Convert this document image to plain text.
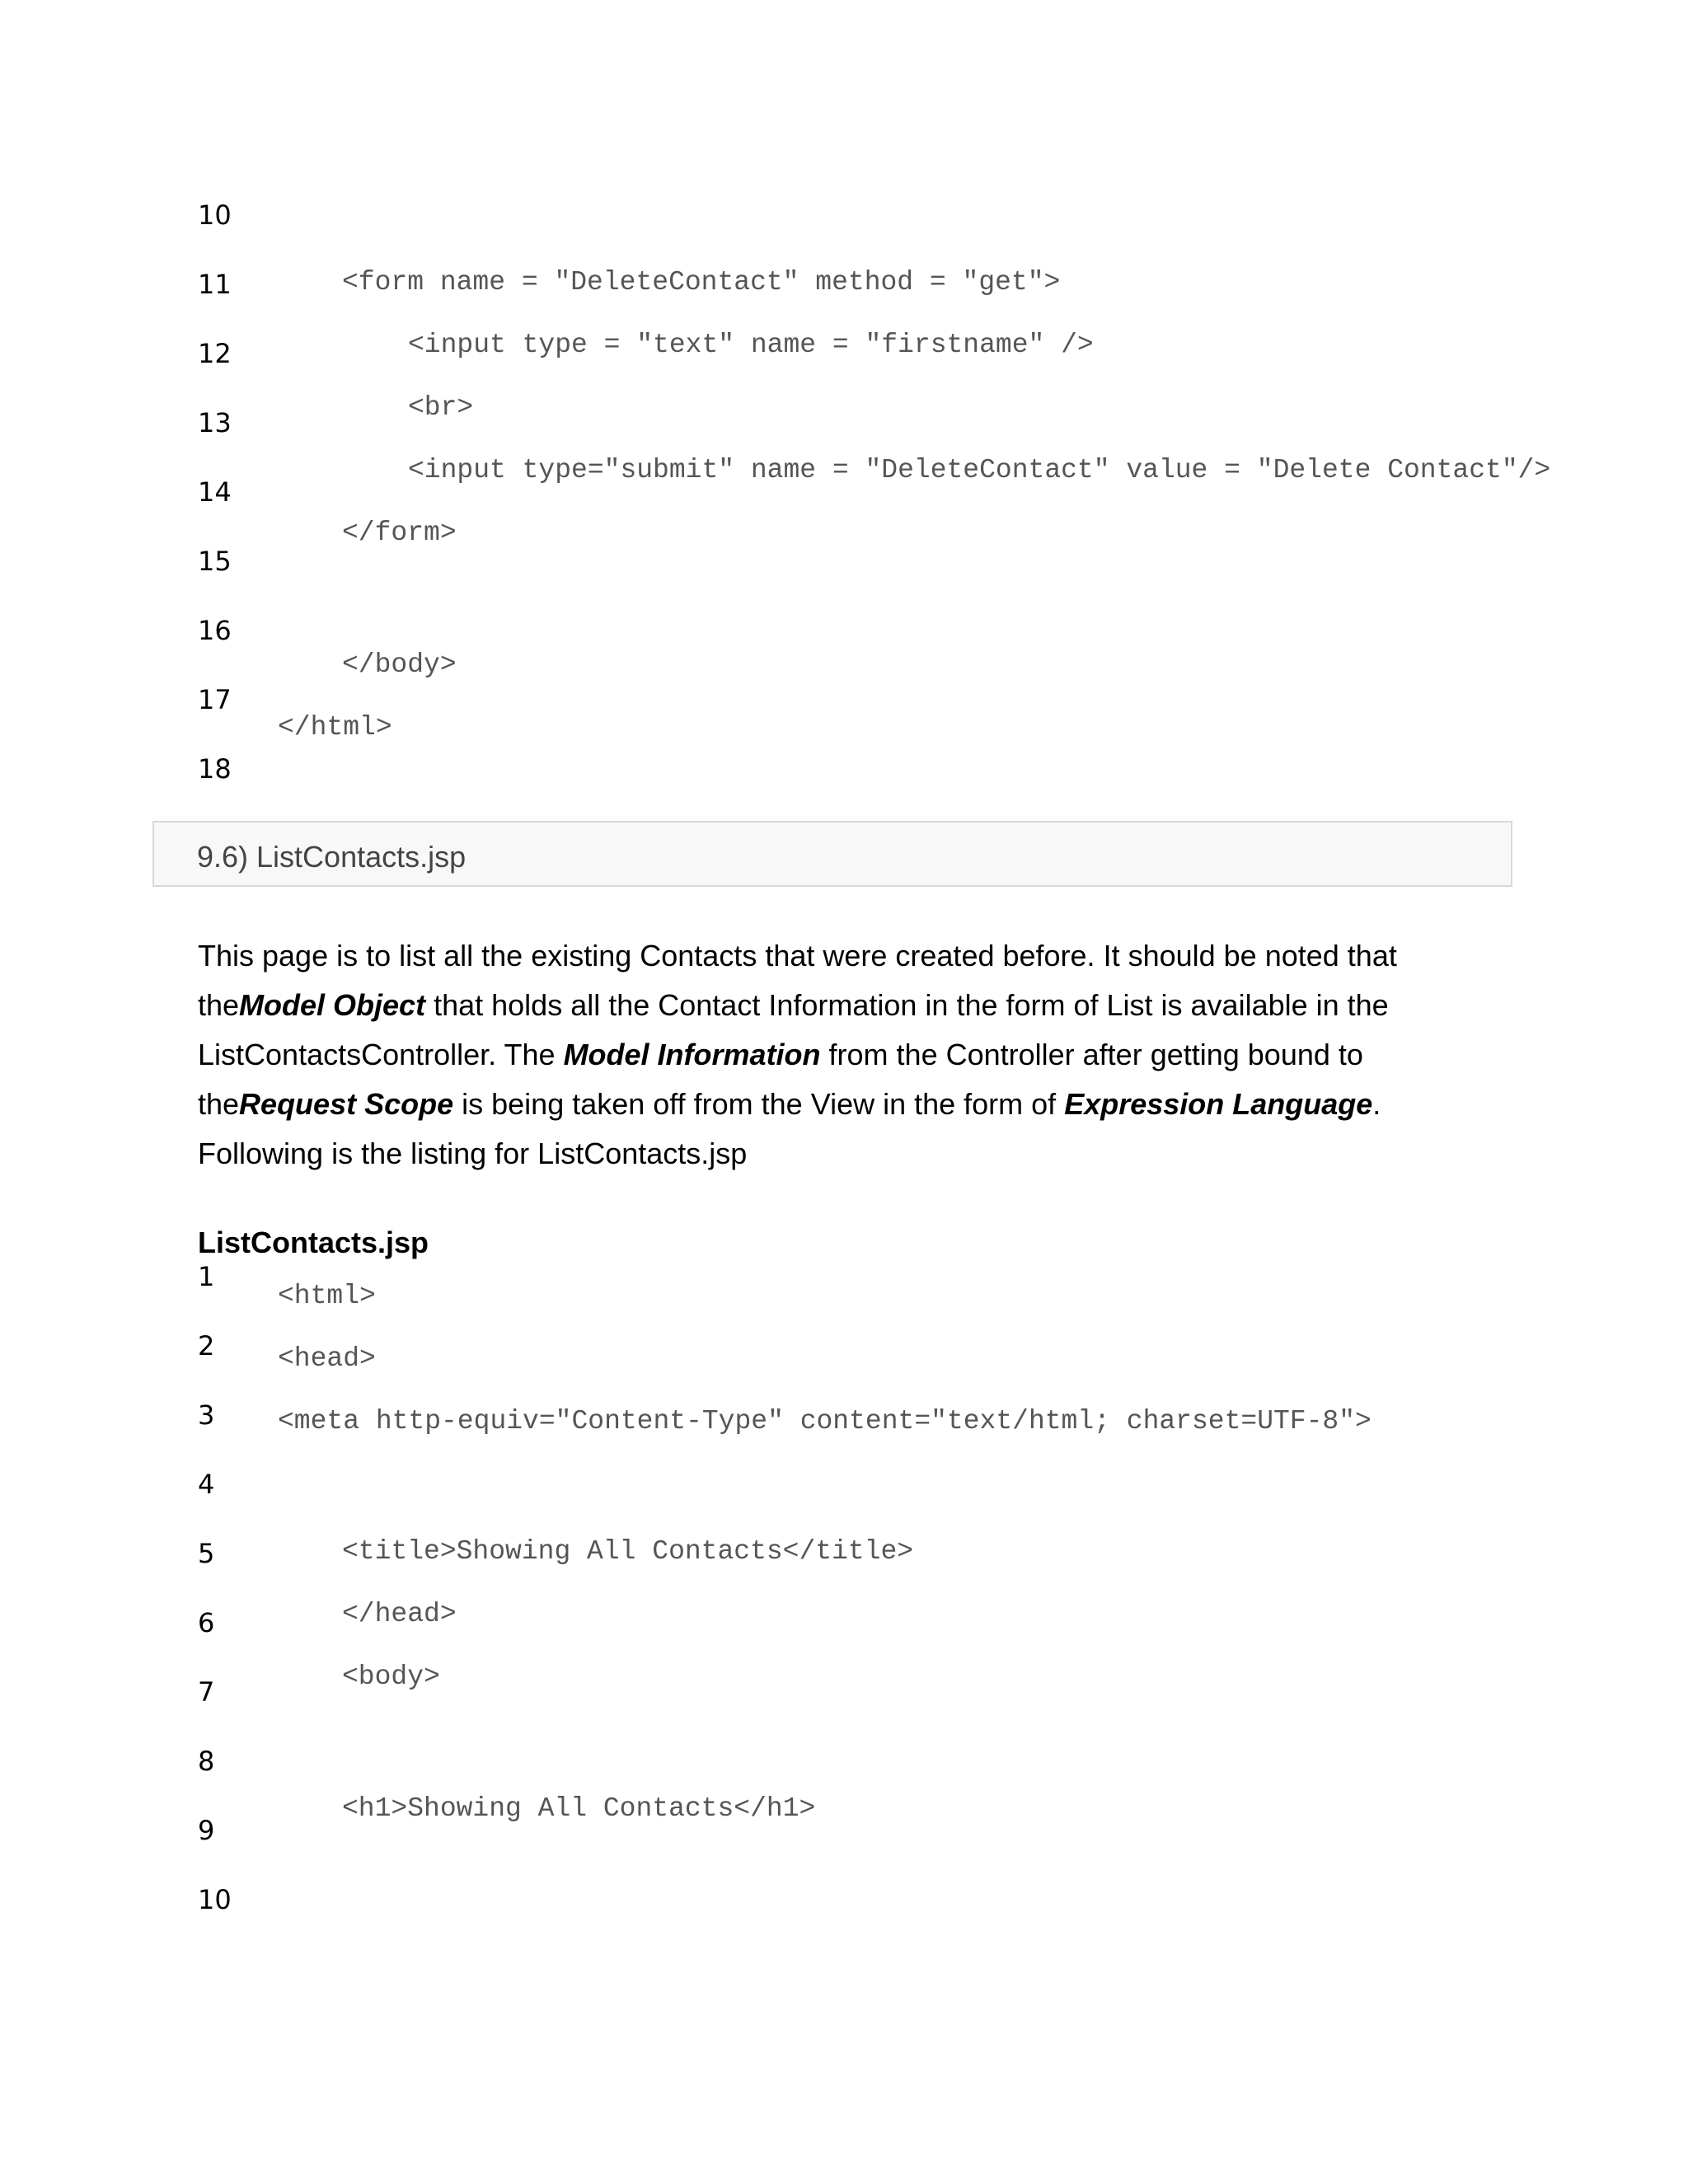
10
11
12
13
14
15
16
17
18
<form name = "DeleteContact" method = "get">
<input type = "text" name = "firstname" />
<br>
<input type="submit" name = "DeleteContact" value = "Delete Contact"/>
</form>
</body>
</html>
9.6) ListContacts.jsp

This page is to list all the existing Contacts that were created before. It should be noted that theModel Object that holds all the Contact Information in the form of List is available in the ListContactsController. The Model Information from the Controller after getting bound to theRequest Scope is being taken off from the View in the form of Expression Language. Following is the listing for ListContacts.jsp

ListContacts.jsp
1
2
3
4
5
6
7
8
9
10
<html>
<head>
<meta http-equiv="Content-Type" content="text/html; charset=UTF-8">
<title>Showing All Contacts</title>
</head>
<body>
<h1>Showing All Contacts</h1>
